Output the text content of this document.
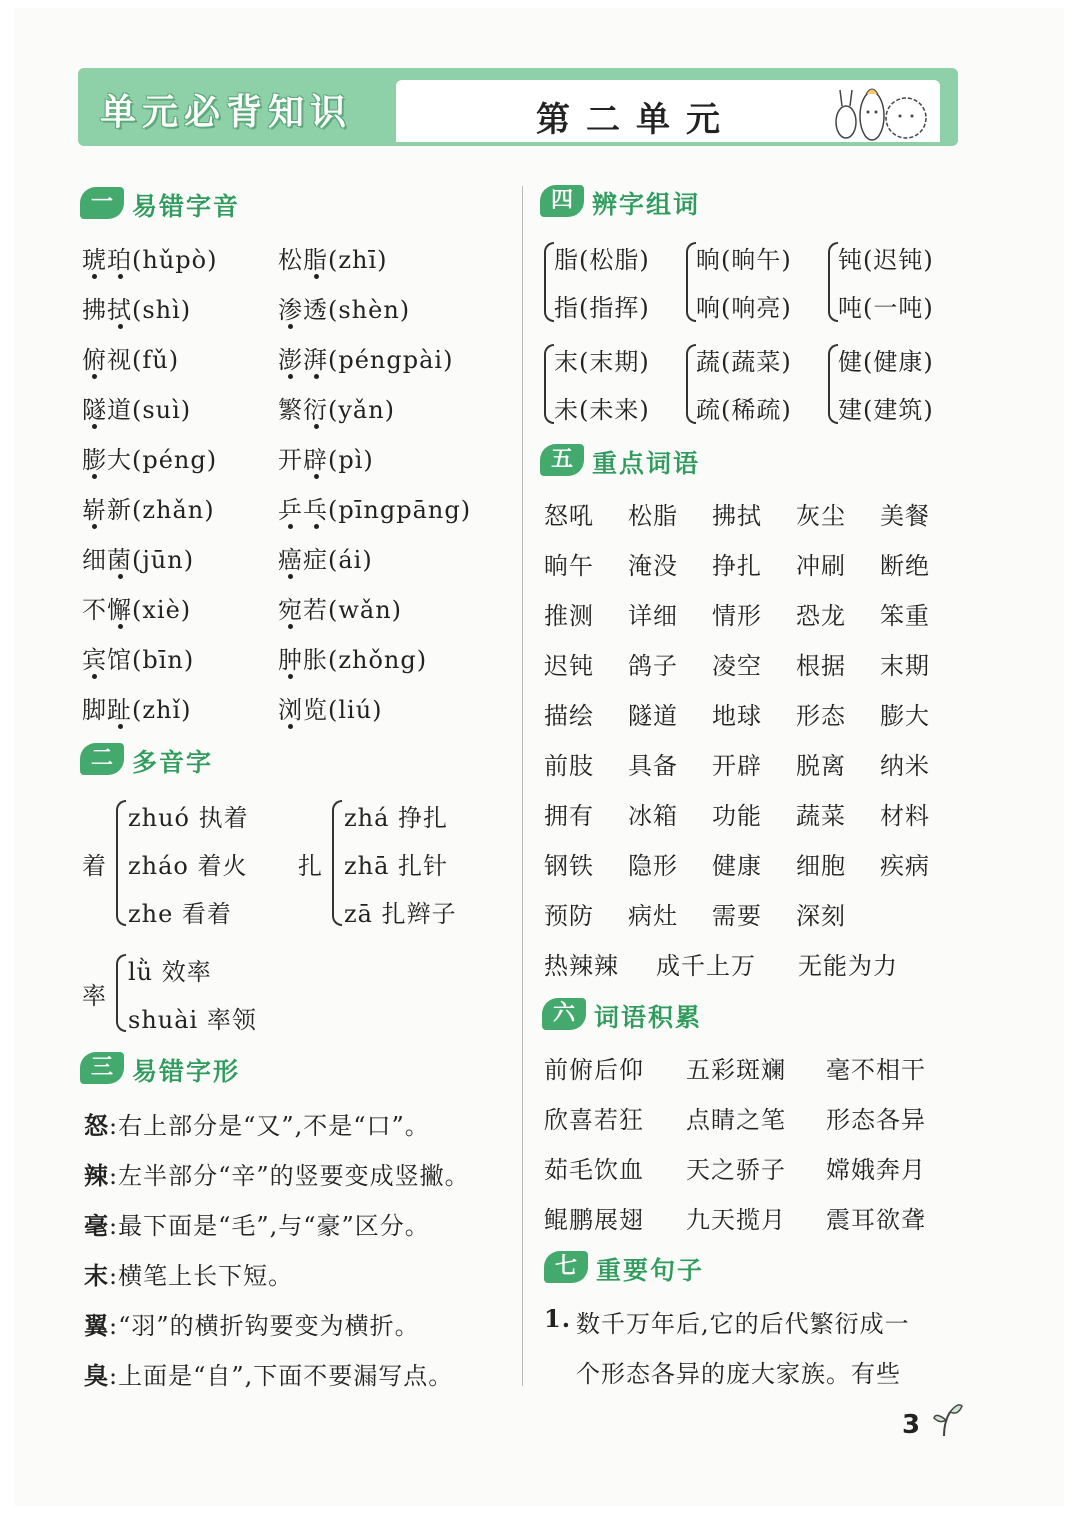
单元必背知识	第二单元
一 易错字音
琥珀(hǔpò)
拂拭(shì)
俯视(fǔ)
隧道(suì)
膨大(péng)
崭新(zhǎn)
细菌(jūn)
不懈(xiè)
宾馆(bīn)
脚趾(zhǐ)
松脂(zhī)
渗透(shèn)
澎湃(péngpài)
繁衍(yǎn)
开辟(pì)
乒乓(pīngpāng)
癌症(ái)
宛若(wǎn)
肿胀(zhǒng)
浏览(liú)
二 多音字
着
zhuó 执着
zháo 着火
zhe 看着
扎
zhá 挣扎
zhā 扎针
zā 扎辫子
率
lǜ 效率
shuài 率领
三 易错字形
怒:右上部分是“又”,不是“口”。
辣:左半部分“辛”的竖要变成竖撇。
毫:最下面是“毛”,与“豪”区分。
末:横笔上长下短。
翼:“羽”的横折钩要变为横折。
臭:上面是“自”,下面不要漏写点。
四 辨字组词
脂(松脂)
指(指挥)
晌(晌午)
响(响亮)
钝(迟钝)
吨(一吨)
末(末期)
未(未来)
蔬(蔬菜)
疏(稀疏)
健(健康)
建(建筑)
五 重点词语
怒吼 松脂 拂拭 灰尘 美餐
晌午 淹没 挣扎 冲刷 断绝
推测 详细 情形 恐龙 笨重
迟钝 鸽子 凌空 根据 末期
描绘 隧道 地球 形态 膨大
前肢 具备 开辟 脱离 纳米
拥有 冰箱 功能 蔬菜 材料
钢铁 隐形 健康 细胞 疾病
预防 病灶 需要 深刻
热辣辣 成千上万 无能为力
六 词语积累
前俯后仰 五彩斑斓 毫不相干
欣喜若狂 点睛之笔 形态各异
茹毛饮血 天之骄子 嫦娥奔月
鲲鹏展翅 九天揽月 震耳欲聋
七 重要句子
1. 数千万年后,它的后代繁衍成一
个形态各异的庞大家族。有些
3
